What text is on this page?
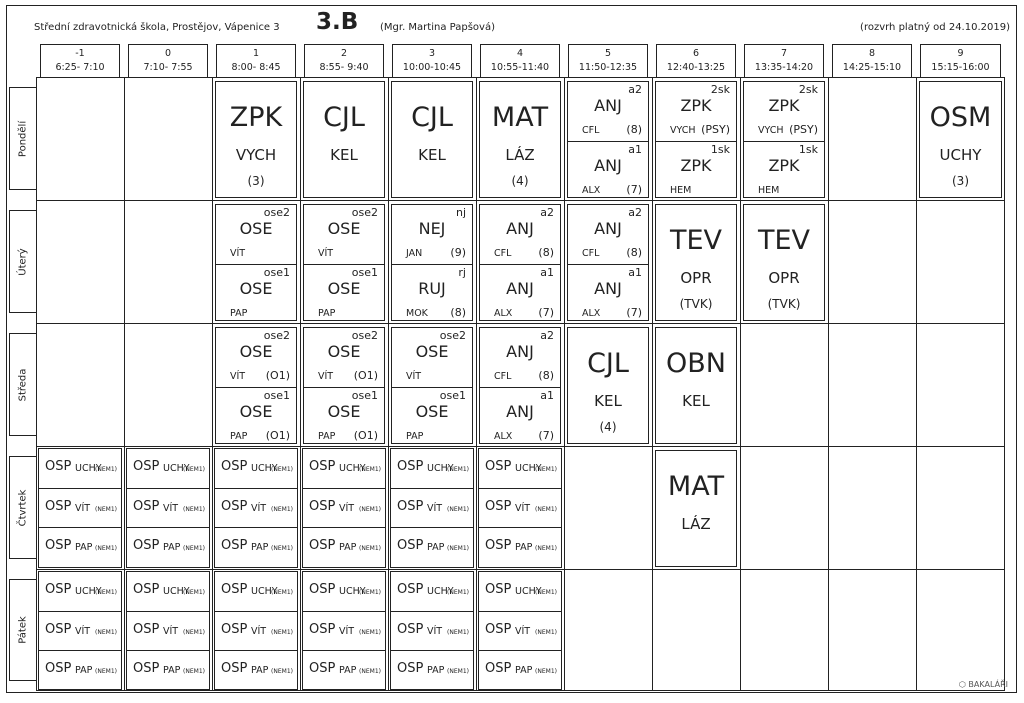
Střední zdravotnická škola, Prostějov, Vápenice 3 3.B (Mgr. Martina Papšová)	(rozvrh platný od 24.10.2019)
-1
6:25- 7:10
0
7:10- 7:55
1
8:00- 8:45
2
8:55- 9:40
3
10:00-10:45
4
10:55-11:40
5
11:50-12:35
6
12:40-13:25
7
13:35-14:20
8
14:25-15:10
9
15:15-16:00
Pondělí
Úterý
Středa
Čtvrtek
Pátek
ZPK
VYCH
(3)
CJL
KEL
CJL
KEL
MAT
LÁZ
(4)
a2
ANJ
CFL (8)
a1
ANJ
ALX (7)
2sk
ZPK
VYCH (PSY)
1sk
ZPK
HEM
2sk
ZPK
VYCH (PSY)
1sk
ZPK
HEM
OSM
UCHY
(3)
ose2
OSE
VÍT
ose1
OSE
PAP
ose2
OSE
VÍT
ose1
OSE
PAP
nj
NEJ
JAN	(9)
rj
RUJ
MOK (8)
a2
ANJ
CFL (8)
a1
ANJ
ALX (7)
a2
ANJ
CFL (8)
a1
ANJ
ALX (7)
TEV
OPR
(TVK)
TEV
OPR
(TVK)
ose2
OSE
VÍT (O1)
ose1
OSE
PAP (O1)
ose2
OSE
VÍT (O1)
ose1
OSE
PAP (O1)
ose2
OSE
VÍT
ose1
OSE
PAP
a2
ANJ
CFL (8)
a1
ANJ
ALX (7)
CJL
KEL
(4)
OBN
KEL
MAT
LÁZ
OSP UCHY
(NEM1)
OSP VÍT (NEM1)
OSP PAP (NEM1)
OSP UCHY
(NEM1)
OSP VÍT (NEM1)
OSP PAP (NEM1)
OSP UCHY
(NEM1)
OSP VÍT (NEM1)
OSP PAP (NEM1)
OSP UCHY
(NEM1)
OSP VÍT (NEM1)
OSP PAP (NEM1)
OSP UCHY
(NEM1)
OSP VÍT (NEM1)
OSP PAP (NEM1)
OSP UCHY
(NEM1)
OSP VÍT (NEM1)
OSP PAP (NEM1)
OSP UCHY
(NEM1)
OSP VÍT (NEM1)
OSP PAP (NEM1)
OSP UCHY
(NEM1)
OSP VÍT (NEM1)
OSP PAP (NEM1)
OSP UCHY
(NEM1)
OSP VÍT (NEM1)
OSP PAP (NEM1)
OSP UCHY
(NEM1)
OSP VÍT (NEM1)
OSP PAP (NEM1)
OSP UCHY
(NEM1)
OSP VÍT (NEM1)
OSP PAP (NEM1)
OSP UCHY
(NEM1)
OSP VÍT (NEM1)
OSP PAP (NEM1)
⬡ BAKALÁŘI
